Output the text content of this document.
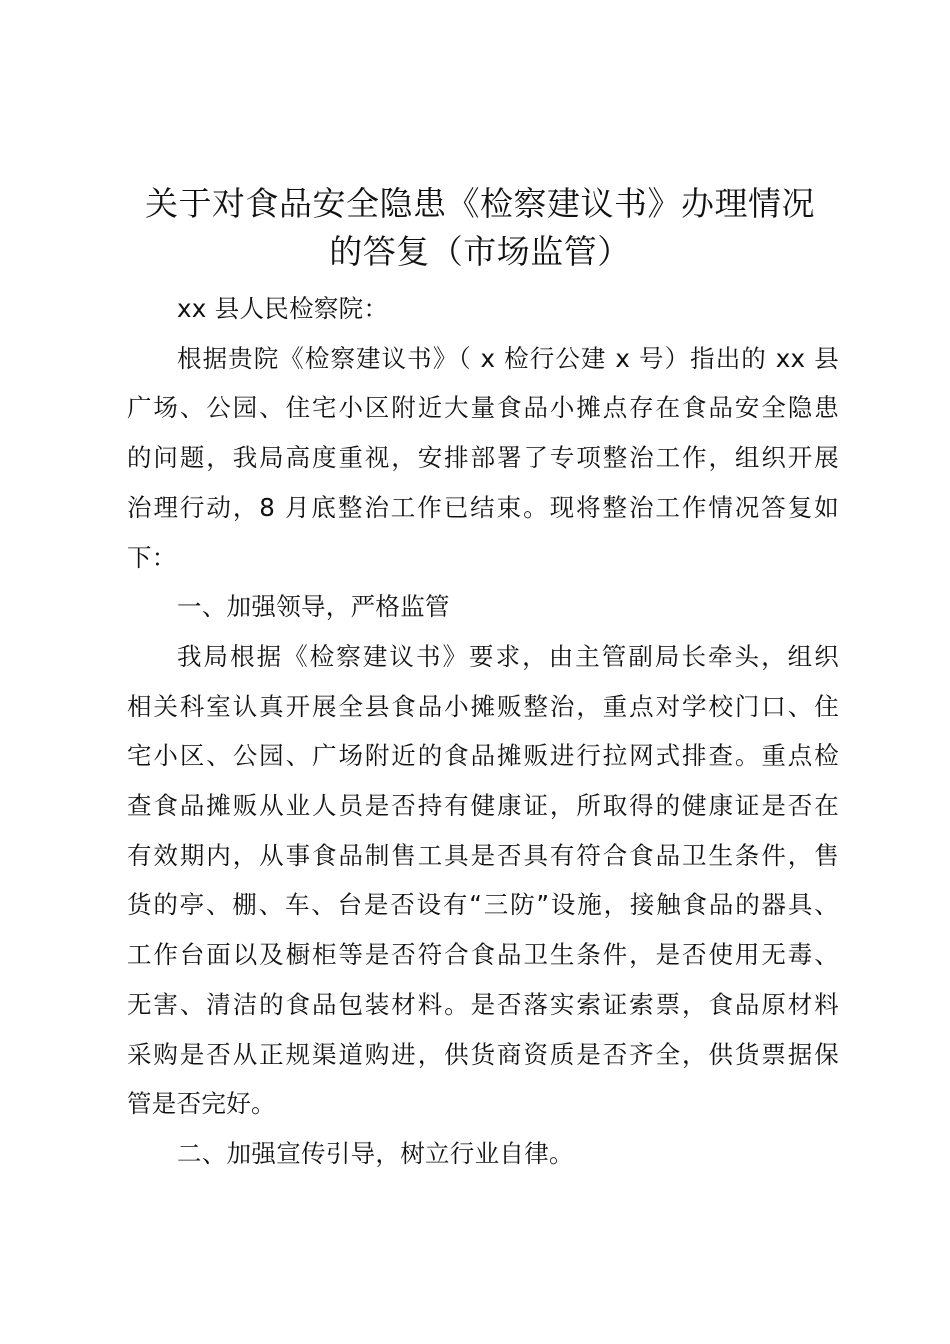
关于对食品安全隐患《检察建议书》办理情况
的答复（市场监管）

xx 县人民检察院：

根据贵院《检察建议书》（ x 检行公建 x 号）指出的 xx 县
广场、公园、住宅小区附近大量食品小摊点存在食品安全隐患
的问题，我局高度重视，安排部署了专项整治工作，组织开展
治理行动，8 月底整治工作已结束。现将整治工作情况答复如
下：

一、加强领导，严格监管

我局根据《检察建议书》要求，由主管副局长牵头，组织
相关科室认真开展全县食品小摊贩整治，重点对学校门口、住
宅小区、公园、广场附近的食品摊贩进行拉网式排查。重点检
查食品摊贩从业人员是否持有健康证，所取得的健康证是否在
有效期内，从事食品制售工具是否具有符合食品卫生条件，售
货的亭、棚、车、台是否设有“三防”设施，接触食品的器具、
工作台面以及橱柜等是否符合食品卫生条件，是否使用无毒、
无害、清洁的食品包装材料。是否落实索证索票，食品原材料
采购是否从正规渠道购进，供货商资质是否齐全，供货票据保
管是否完好。

二、加强宣传引导，树立行业自律。
